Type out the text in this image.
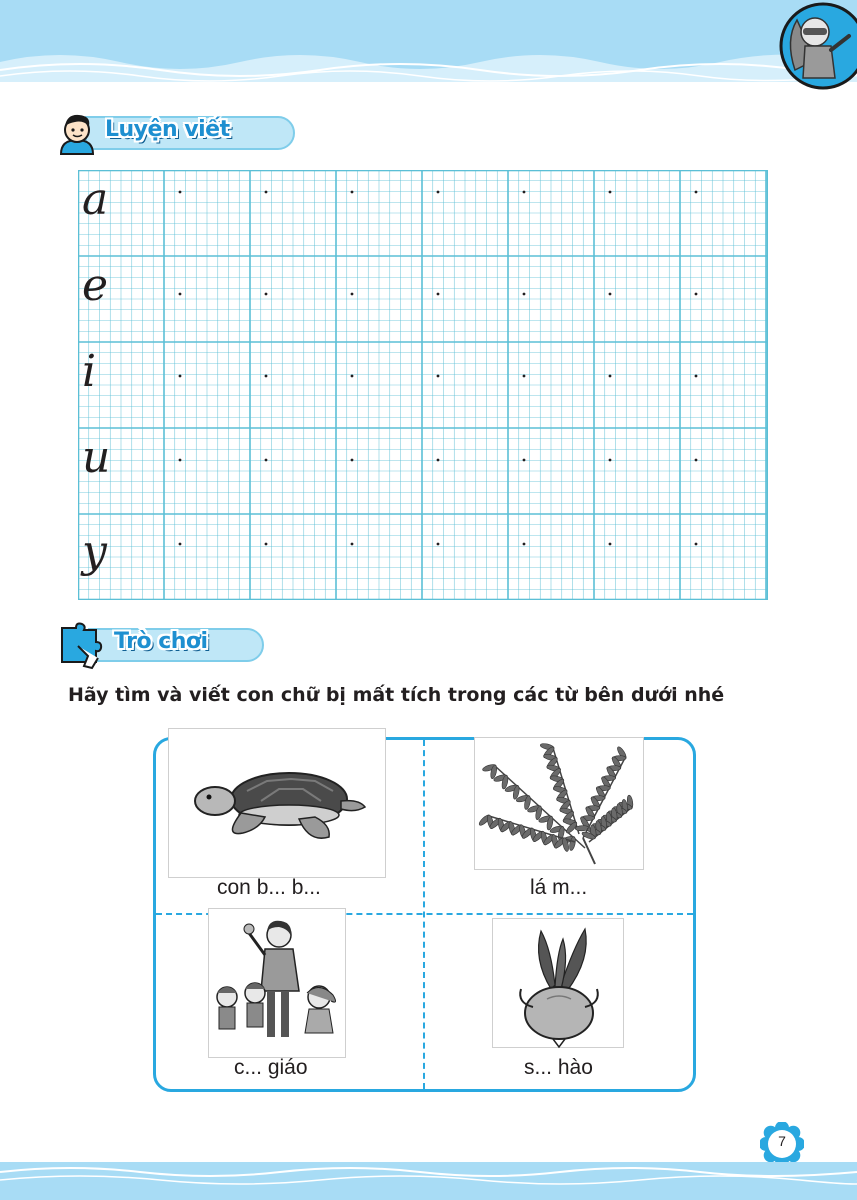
Luyện viết
a
e
i
u
y
Trò chơi

Hãy tìm và viết con chữ bị mất tích trong các từ bên dưới nhé

con b... b...	lá m...
c... giáo	s... hào
7
